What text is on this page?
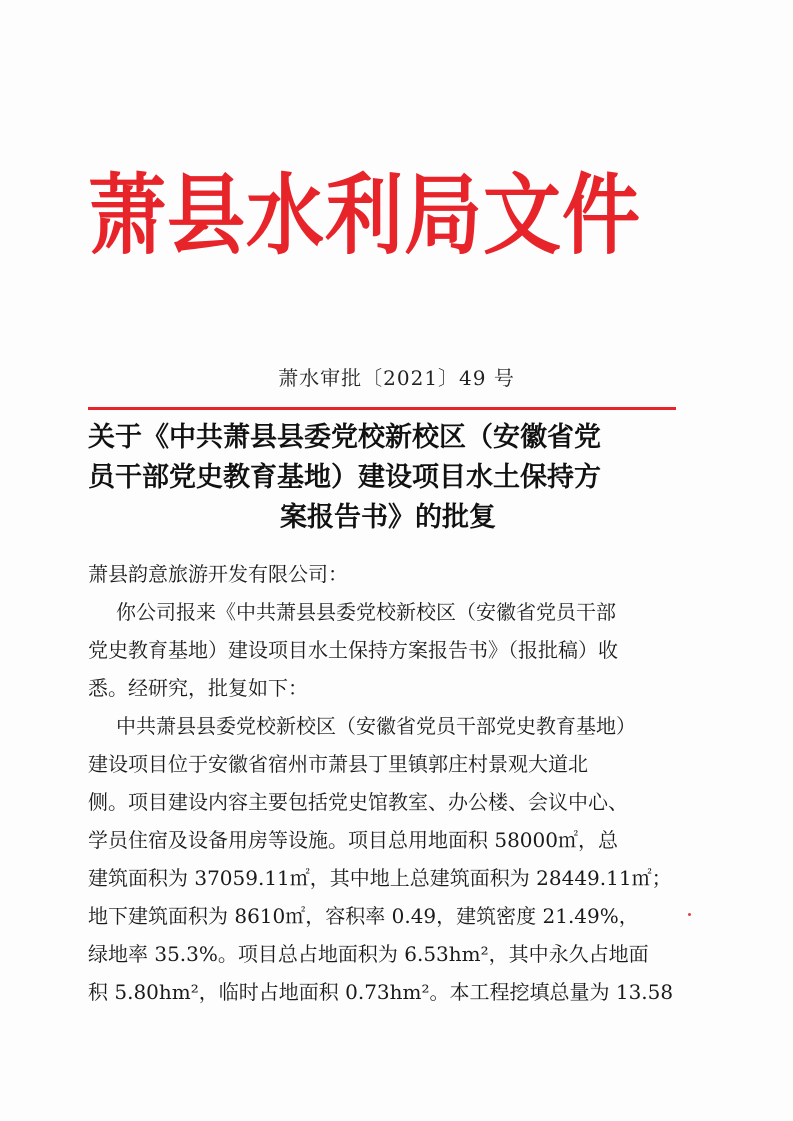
萧县水利局文件
萧水审批〔2021〕49 号
关于《中共萧县县委党校新校区（安徽省党
员干部党史教育基地）建设项目水土保持方
案报告书》的批复

萧县韵意旅游开发有限公司：

你公司报来《中共萧县县委党校新校区（安徽省党员干部

党史教育基地）建设项目水土保持方案报告书》（报批稿）收

悉。经研究，批复如下：

中共萧县县委党校新校区（安徽省党员干部党史教育基地）

建设项目位于安徽省宿州市萧县丁里镇郭庄村景观大道北

侧。项目建设内容主要包括党史馆教室、办公楼、会议中心、

学员住宿及设备用房等设施。项目总用地面积 58000㎡，总

建筑面积为 37059.11㎡，其中地上总建筑面积为 28449.11㎡；

地下建筑面积为 8610㎡，容积率 0.49，建筑密度 21.49%，

绿地率 35.3%。项目总占地面积为 6.53hm²，其中永久占地面

积 5.80hm²，临时占地面积 0.73hm²。本工程挖填总量为 13.58
